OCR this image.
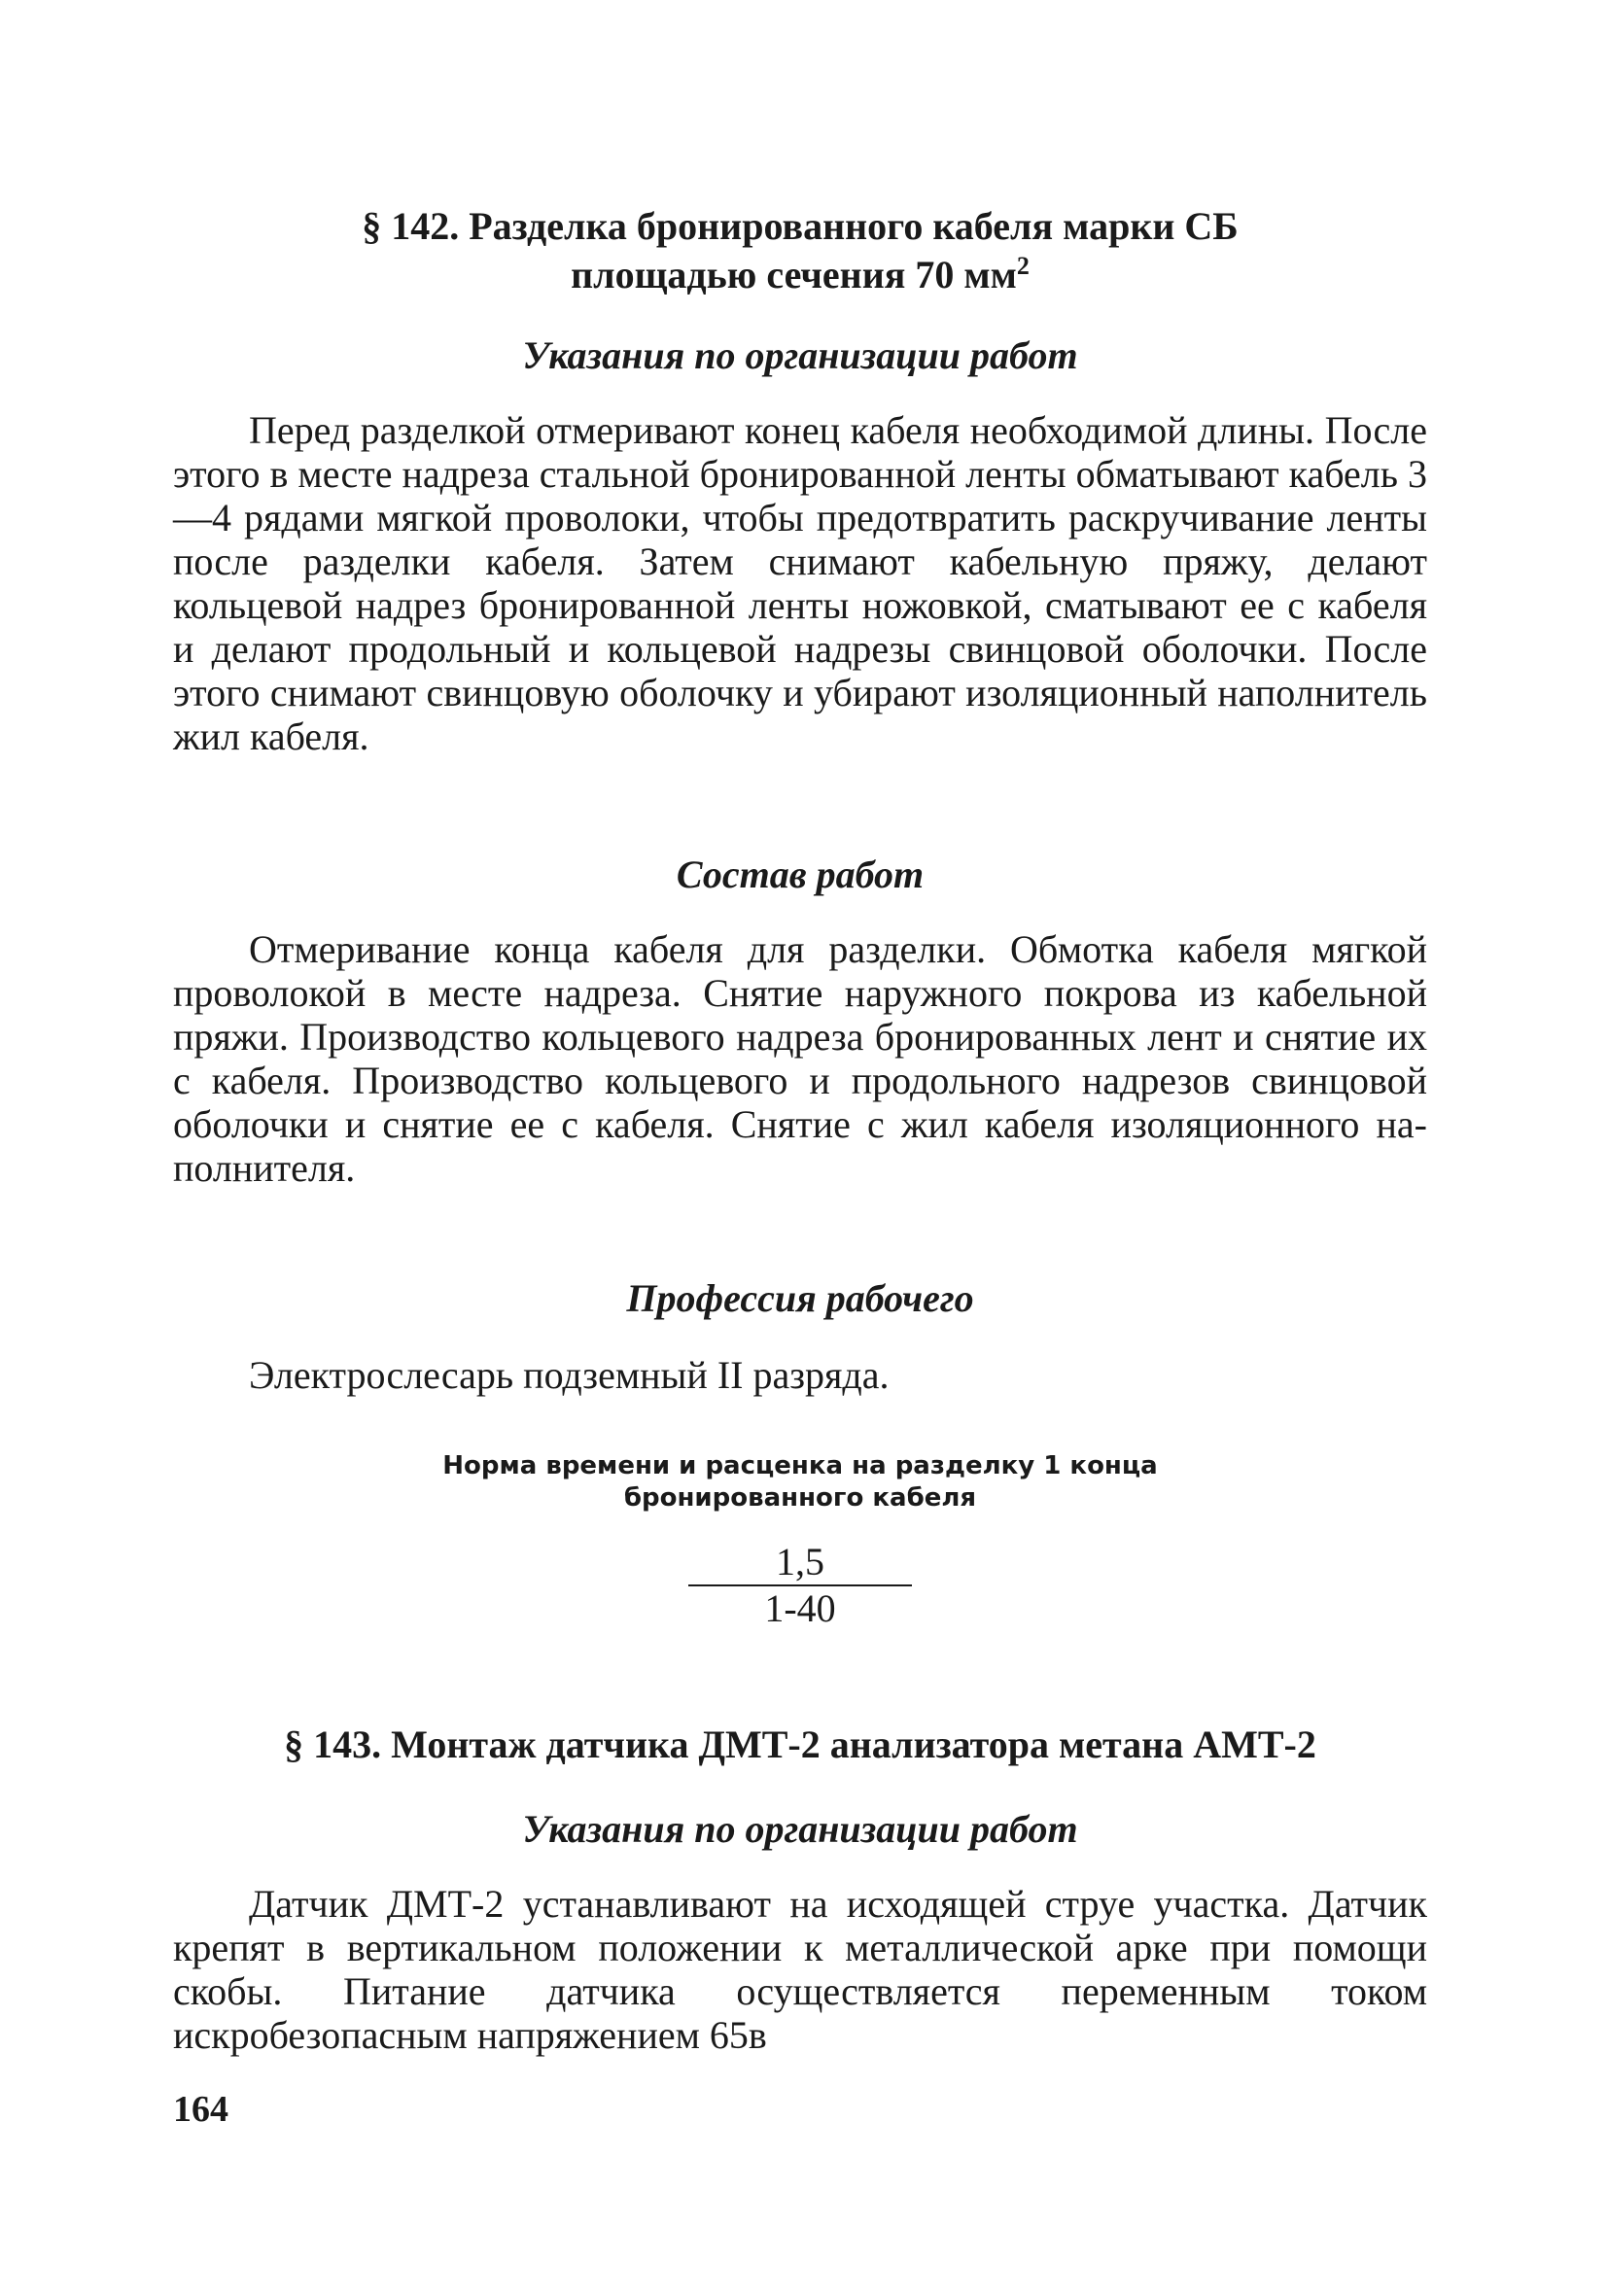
§ 142. Разделка бронированного кабеля марки СБ
площадью сечения 70 $мм^2$
Указания по организации работ

Перед разделкой отмеривают конец кабеля необходимой длины. После этого в месте надреза стальной бронированной ленты обматывают кабель 3—4 рядами мягкой проволоки, чтобы предотвратить раскручивание ленты после разделки кабеля. Затем снимают кабельную пряжу, делают кольцевой надрез бронированной ленты ножовкой, сматывают ее с кабеля и делают продольный и кольцевой надрезы свинцовой оболочки. После этого снимают свинцовую оболочку и убирают изоляционный наполнитель жил кабеля.

Состав работ

Отмеривание конца кабеля для разделки. Обмотка кабеля мягкой проволокой в месте надреза. Снятие наружного покрова из кабельной пряжи. Производство кольцевого надреза бронированных лент и снятие их с кабеля. Производство кольцевого и продольного надрезов свинцовой оболочки и снятие ее с кабеля. Снятие с жил кабеля изоляционного наполнителя.

Профессия рабочего

Электрослесарь подземный II разряда.

Норма времени и расценка на разделку 1 конца
бронированного кабеля
1,5
1-40
§ 143. Монтаж датчика ДМТ-2 анализатора метана АМТ-2
Указания по организации работ

Датчик ДМТ-2 устанавливают на исходящей струе участка. Датчик крепят в вертикальном положении к металлической арке при помощи скобы. Питание датчика осуществляется переменным током искробезопасным напряжением 65в

164
